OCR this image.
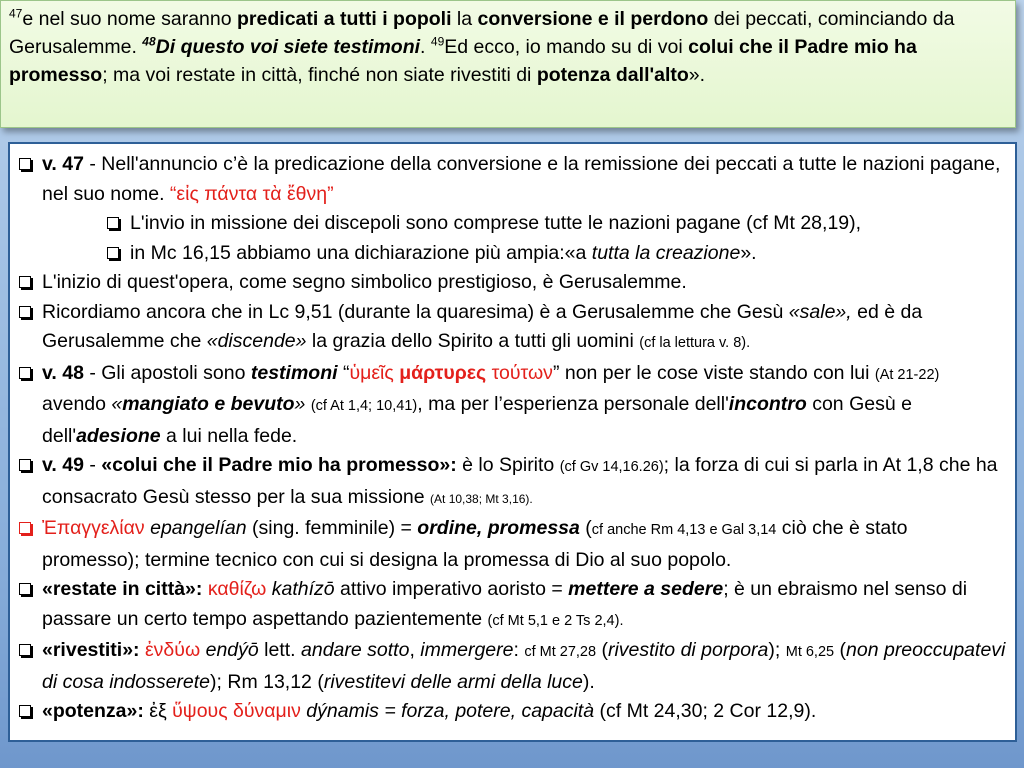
$^{47}$e nel suo nome saranno predicati a tutti i popoli la conversione e il perdono dei peccati, cominciando da Gerusalemme. $^{48}$Di questo voi siete testimoni. $^{49}$Ed ecco, io mando su di voi colui che il Padre mio ha promesso; ma voi restate in città, finché non siate rivestiti di potenza dall'alto».
v. 47 - Nell'annuncio c’è la predicazione della conversione e la remissione dei peccati a tutte le nazioni pagane, nel suo nome. “εἰς πάντα τὰ ἔθνη”
L'invio in missione dei discepoli sono comprese tutte le nazioni pagane (cf Mt 28,19),
in Mc 16,15 abbiamo una dichiarazione più ampia:«a tutta la creazione».
L'inizio di quest'opera, come segno simbolico prestigioso, è Gerusalemme.
Ricordiamo ancora che in Lc 9,51 (durante la quaresima) è a Gerusalemme che Gesù «sale», ed è da Gerusalemme che «discende» la grazia dello Spirito a tutti gli uomini (cf la lettura v. 8).
v. 48 - Gli apostoli sono testimoni “ὑμεῖς μάρτυρες τούτων” non per le cose viste stando con lui (At 21-22) avendo «mangiato e bevuto» (cf At 1,4; 10,41), ma per l’esperienza personale dell'incontro con Gesù e dell'adesione a lui nella fede.
v. 49 - «colui che il Padre mio ha promesso»: è lo Spirito (cf Gv 14,16.26); la forza di cui si parla in At 1,8 che ha consacrato Gesù stesso per la sua missione (At 10,38; Mt 3,16).
Ἐπαγγελίαν epangelían (sing. femminile) = ordine, promessa (cf anche Rm 4,13 e Gal 3,14 ciò che è stato promesso); termine tecnico con cui si designa la promessa di Dio al suo popolo.
«restate in città»: καθίζω kathízō attivo imperativo aoristo = mettere a sedere; è un ebraismo nel senso di passare un certo tempo aspettando pazientemente (cf Mt 5,1 e 2 Ts 2,4).
«rivestiti»: ἐνδύω endýō lett. andare sotto, immergere: cf Mt 27,28 (rivestito di porpora); Mt 6,25 (non preoccupatevi di cosa indosserete); Rm 13,12 (rivestitevi delle armi della luce).
«potenza»: ἐξ ὕψους δύναμιν dýnamis = forza, potere, capacità (cf Mt 24,30; 2 Cor 12,9).
